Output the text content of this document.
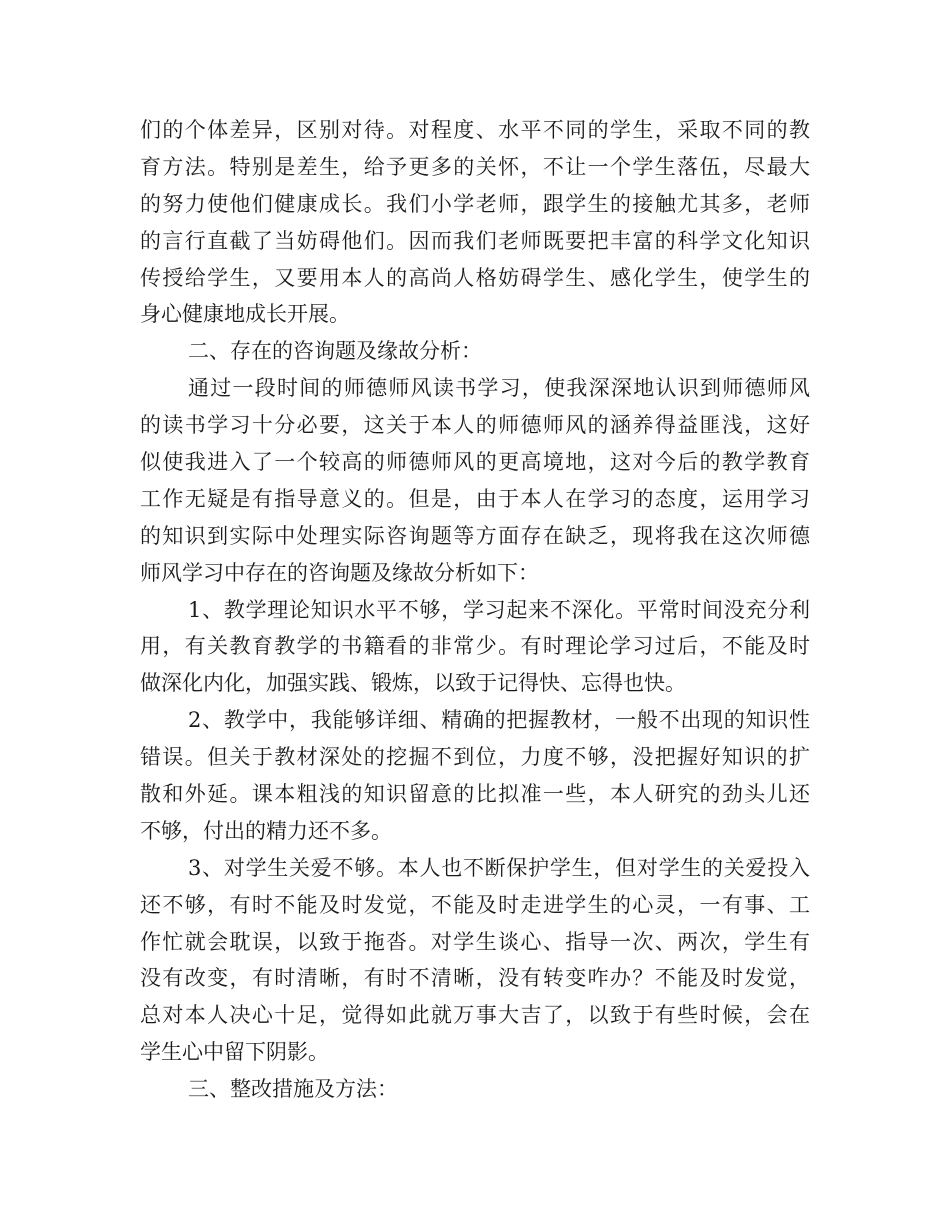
们的个体差异，区别对待。对程度、水平不同的学生，采取不同的教
育方法。特别是差生，给予更多的关怀，不让一个学生落伍，尽最大
的努力使他们健康成长。我们小学老师，跟学生的接触尤其多，老师
的言行直截了当妨碍他们。因而我们老师既要把丰富的科学文化知识
传授给学生，又要用本人的高尚人格妨碍学生、感化学生，使学生的
身心健康地成长开展。
二、存在的咨询题及缘故分析：
通过一段时间的师德师风读书学习，使我深深地认识到师德师风
的读书学习十分必要，这关于本人的师德师风的涵养得益匪浅，这好
似使我进入了一个较高的师德师风的更高境地，这对今后的教学教育
工作无疑是有指导意义的。但是，由于本人在学习的态度，运用学习
的知识到实际中处理实际咨询题等方面存在缺乏，现将我在这次师德
师风学习中存在的咨询题及缘故分析如下：
1、教学理论知识水平不够，学习起来不深化。平常时间没充分利
用，有关教育教学的书籍看的非常少。有时理论学习过后，不能及时
做深化内化，加强实践、锻炼，以致于记得快、忘得也快。
2、教学中，我能够详细、精确的把握教材，一般不出现的知识性
错误。但关于教材深处的挖掘不到位，力度不够，没把握好知识的扩
散和外延。课本粗浅的知识留意的比拟准一些，本人研究的劲头儿还
不够，付出的精力还不多。
3、对学生关爱不够。本人也不断保护学生，但对学生的关爱投入
还不够，有时不能及时发觉，不能及时走进学生的心灵，一有事、工
作忙就会耽误，以致于拖沓。对学生谈心、指导一次、两次，学生有
没有改变，有时清晰，有时不清晰，没有转变咋办？不能及时发觉，
总对本人决心十足，觉得如此就万事大吉了，以致于有些时候，会在
学生心中留下阴影。
三、整改措施及方法：
